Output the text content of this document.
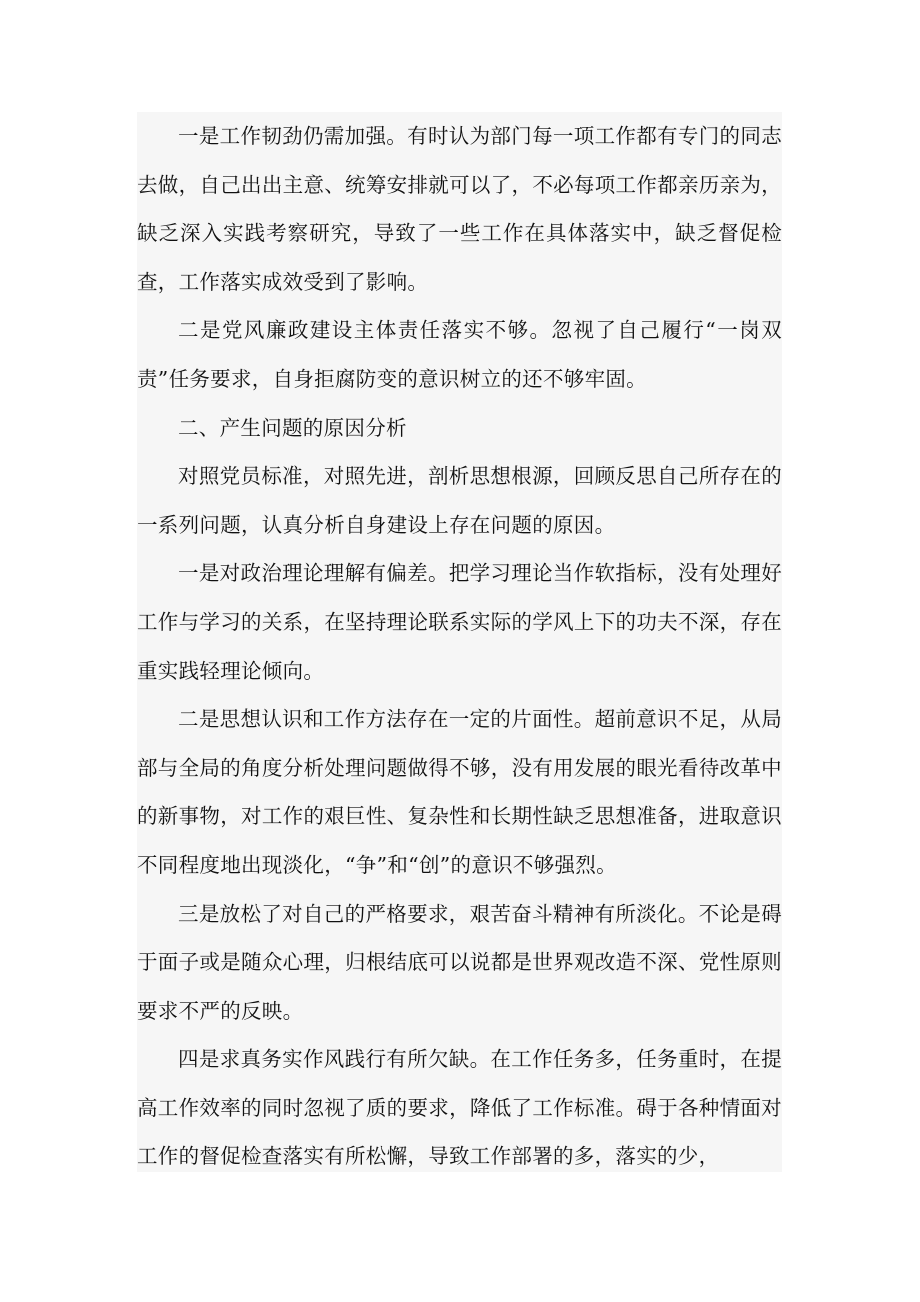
一是工作韧劲仍需加强。有时认为部门每一项工作都有专门的同志去做，自己出出主意、统筹安排就可以了，不必每项工作都亲历亲为，缺乏深入实践考察研究，导致了一些工作在具体落实中，缺乏督促检查，工作落实成效受到了影响。

二是党风廉政建设主体责任落实不够。忽视了自己履行“一岗双责”任务要求，自身拒腐防变的意识树立的还不够牢固。

二、产生问题的原因分析

对照党员标准，对照先进，剖析思想根源，回顾反思自己所存在的一系列问题，认真分析自身建设上存在问题的原因。

一是对政治理论理解有偏差。把学习理论当作软指标，没有处理好工作与学习的关系，在坚持理论联系实际的学风上下的功夫不深，存在重实践轻理论倾向。

二是思想认识和工作方法存在一定的片面性。超前意识不足，从局部与全局的角度分析处理问题做得不够，没有用发展的眼光看待改革中的新事物，对工作的艰巨性、复杂性和长期性缺乏思想准备，进取意识不同程度地出现淡化，“争”和“创”的意识不够强烈。

三是放松了对自己的严格要求，艰苦奋斗精神有所淡化。不论是碍于面子或是随众心理，归根结底可以说都是世界观改造不深、党性原则要求不严的反映。

四是求真务实作风践行有所欠缺。在工作任务多，任务重时，在提高工作效率的同时忽视了质的要求，降低了工作标准。碍于各种情面对工作的督促检查落实有所松懈，导致工作部署的多，落实的少，
